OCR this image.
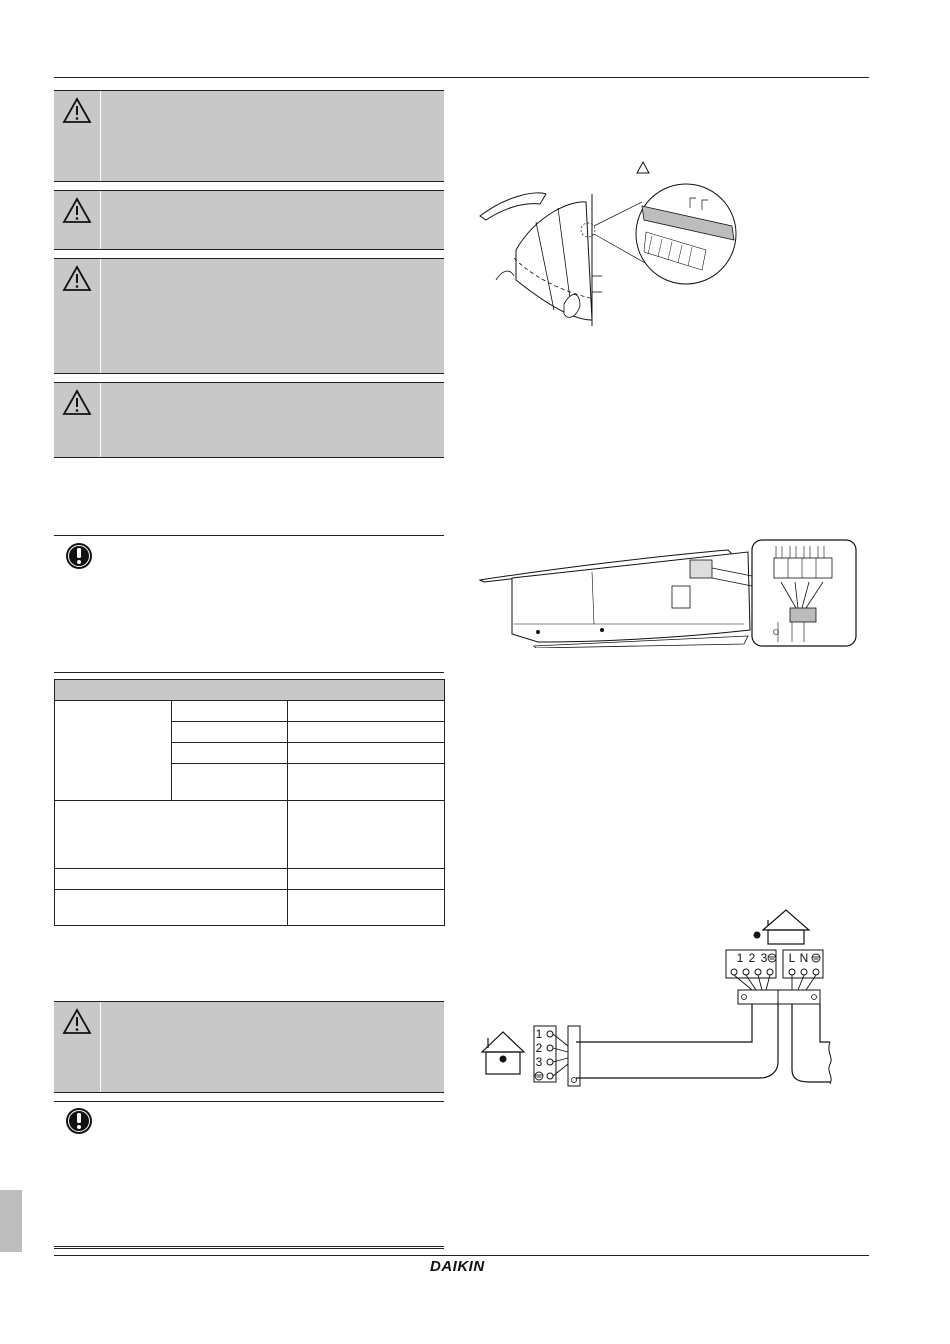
1 2 3 L N
1
2
3
DAIKIN
